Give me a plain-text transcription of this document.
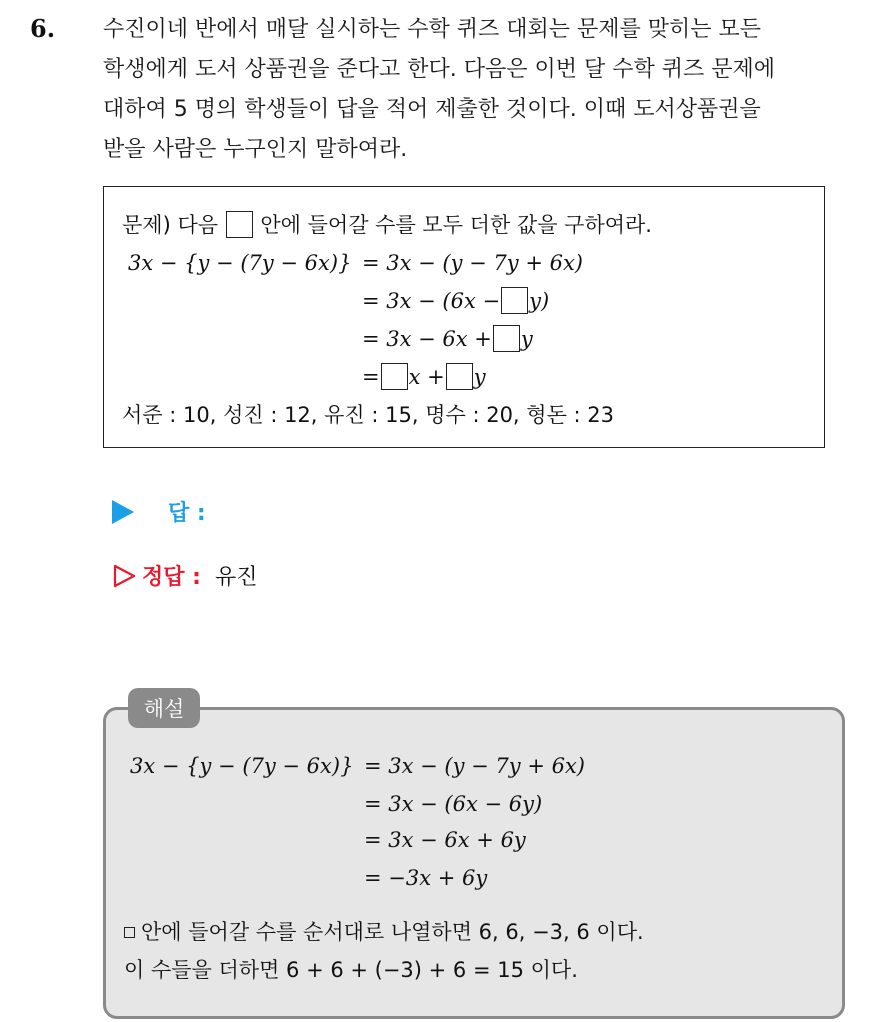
6. 수진이네 반에서 매달 실시하는 수학 퀴즈 대회는 문제를 맞히는 모든
학생에게 도서 상품권을 준다고 한다. 다음은 이번 달 수학 퀴즈 문제에
대하여 5 명의 학생들이 답을 적어 제출한 것이다. 이때 도서상품권을
받을 사람은 누구인지 말하여라.
문제) 다음 안에 들어갈 수를 모두 더한 값을 구하여라.
3x − {y − (7y − 6x)} = 3x − (y − 7y + 6x)
= 3x − (6x − y)
= 3x − 6x + y
= x + y
서준 : 10, 성진 : 12, 유진 : 15, 명수 : 20, 형돈 : 23
답 :
정답 : 유진
해설
3x − {y − (7y − 6x)} = 3x − (y − 7y + 6x)
= 3x − (6x − 6y)
= 3x − 6x + 6y
= −3x + 6y
안에 들어갈 수를 순서대로 나열하면 6, 6, −3, 6 이다.
이 수들을 더하면 6 + 6 + (−3) + 6 = 15 이다.
